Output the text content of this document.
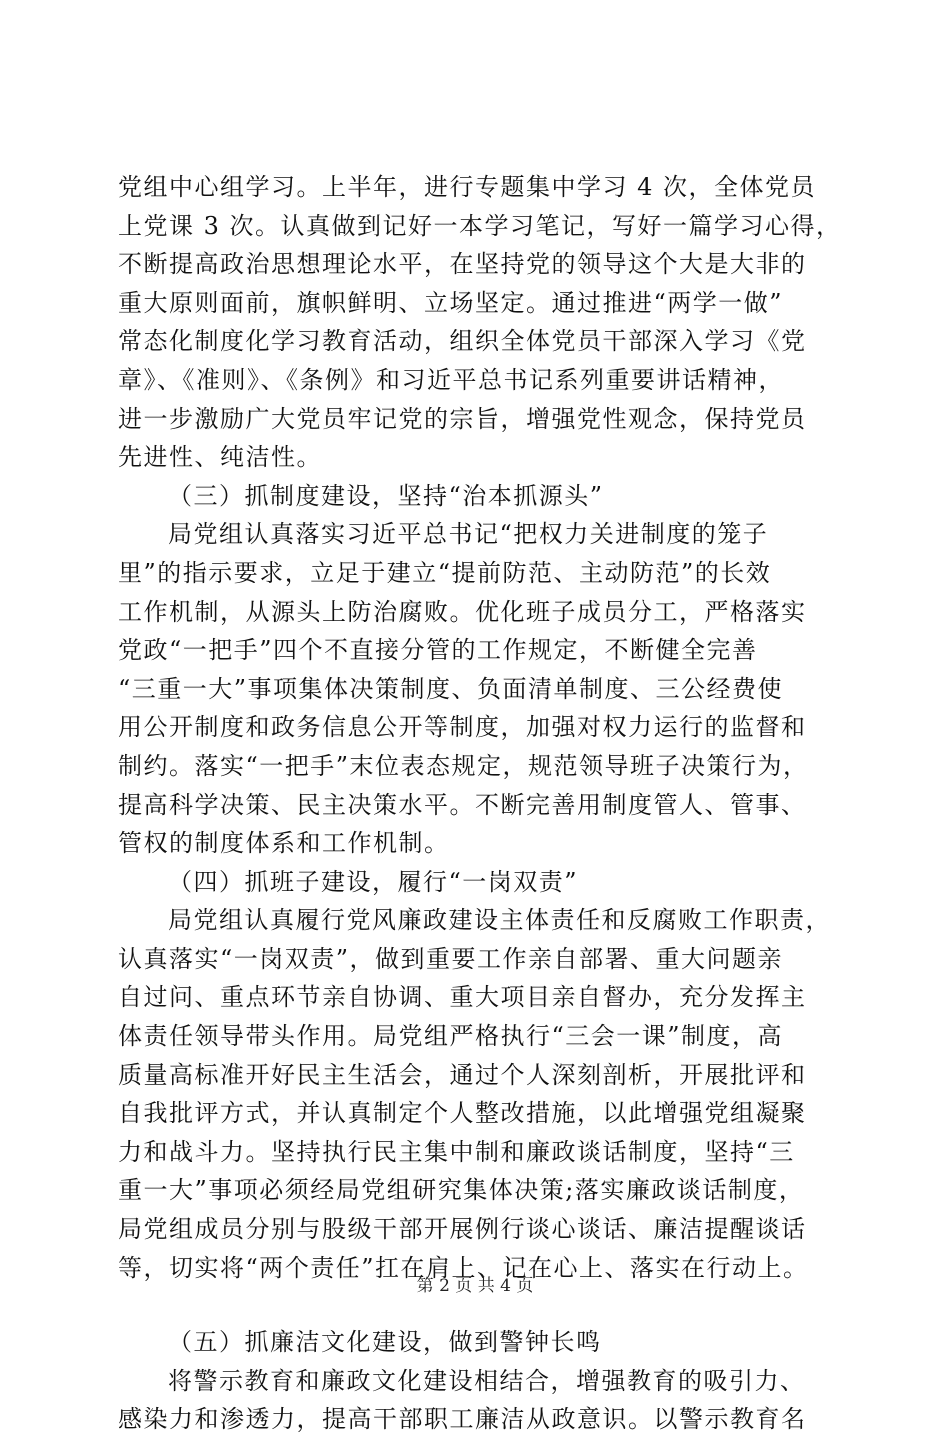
党组中心组学习。上半年，进行专题集中学习 4 次，全体党员
上党课 3 次。认真做到记好一本学习笔记，写好一篇学习心得，
不断提高政治思想理论水平，在坚持党的领导这个大是大非的
重大原则面前，旗帜鲜明、立场坚定。通过推进“两学一做”
常态化制度化学习教育活动，组织全体党员干部深入学习《党
章》、《准则》、《条例》和习近平总书记系列重要讲话精神，
进一步激励广大党员牢记党的宗旨，增强党性观念，保持党员
先进性、纯洁性。
（三）抓制度建设，坚持“治本抓源头”
局党组认真落实习近平总书记“把权力关进制度的笼子
里”的指示要求，立足于建立“提前防范、主动防范”的长效
工作机制，从源头上防治腐败。优化班子成员分工，严格落实
党政“一把手”四个不直接分管的工作规定，不断健全完善
“三重一大”事项集体决策制度、负面清单制度、三公经费使
用公开制度和政务信息公开等制度，加强对权力运行的监督和
制约。落实“一把手”末位表态规定，规范领导班子决策行为，
提高科学决策、民主决策水平。不断完善用制度管人、管事、
管权的制度体系和工作机制。
（四）抓班子建设，履行“一岗双责”
局党组认真履行党风廉政建设主体责任和反腐败工作职责，
认真落实“一岗双责”，做到重要工作亲自部署、重大问题亲
自过问、重点环节亲自协调、重大项目亲自督办，充分发挥主
体责任领导带头作用。局党组严格执行“三会一课”制度，高
质量高标准开好民主生活会，通过个人深刻剖析，开展批评和
自我批评方式，并认真制定个人整改措施，以此增强党组凝聚
力和战斗力。坚持执行民主集中制和廉政谈话制度，坚持“三
重一大”事项必须经局党组研究集体决策;落实廉政谈话制度，
局党组成员分别与股级干部开展例行谈心谈话、廉洁提醒谈话
等，切实将“两个责任”扛在肩上、记在心上、落实在行动上。
（五）抓廉洁文化建设，做到警钟长鸣
将警示教育和廉政文化建设相结合，增强教育的吸引力、
感染力和渗透力，提高干部职工廉洁从政意识。以警示教育名
第 2 页 共 4 页
